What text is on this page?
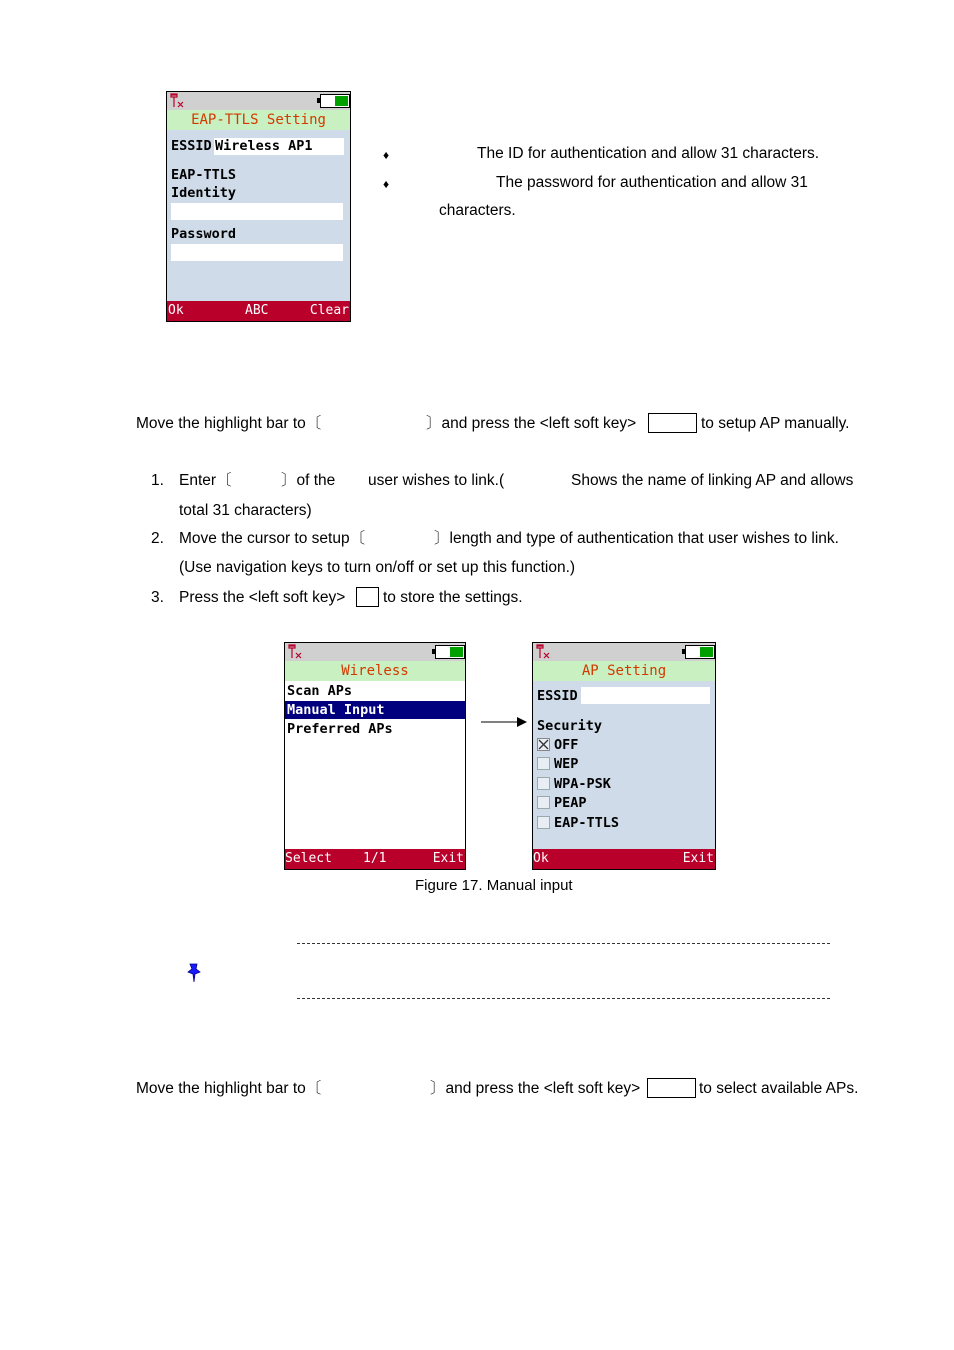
EAP-TTLS Setting
ESSID Wireless AP1
EAP-TTLS
Identity
Password
Ok	ABC	Clear
♦	The ID for authentication and allow 31 characters.
♦	The password for authentication and allow 31
characters.
Move the highlight bar to〔	〕and press the <left soft key>	to setup AP manually.
1. Enter〔	〕of the user wishes to link.(	Shows the name of linking AP and allows
total 31 characters)
2. Move the cursor to setup〔	〕length and type of authentication that user wishes to link.
(Use navigation keys to turn on/off or set up this function.)
3. Press the <left soft key> to store the settings.
Wireless
Scan APs
Manual Input
Preferred APs
Select 1/1	Exit
AP Setting
ESSID
Security
OFF
WEP
WPA-PSK
PEAP
EAP-TTLS
Ok	Exit
Figure 17. Manual input
Move the highlight bar to〔	〕and press the <left soft key>	to select available APs.
